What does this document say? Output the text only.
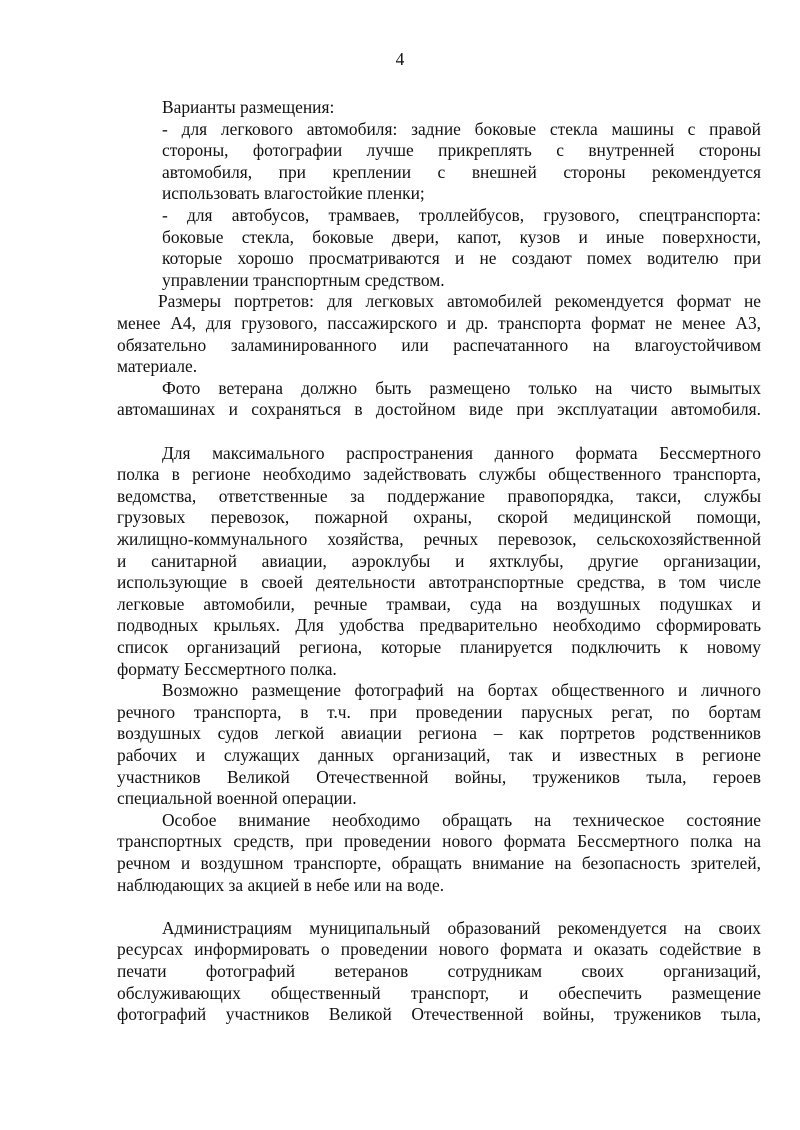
4
Варианты размещения:
- для легкового автомобиля: задние боковые стекла машины с правой
стороны, фотографии лучше прикреплять с внутренней стороны
автомобиля, при креплении с внешней стороны рекомендуется
использовать влагостойкие пленки;
- для автобусов, трамваев, троллейбусов, грузового, спецтранспорта:
боковые стекла, боковые двери, капот, кузов и иные поверхности,
которые хорошо просматриваются и не создают помех водителю при
управлении транспортным средством.
Размеры портретов: для легковых автомобилей рекомендуется формат не
менее А4, для грузового, пассажирского и др. транспорта формат не менее А3,
обязательно заламинированного или распечатанного на влагоустойчивом
материале.
Фото ветерана должно быть размещено только на чисто вымытых
автомашинах и сохраняться в достойном виде при эксплуатации автомобиля.
Для максимального распространения данного формата Бессмертного
полка в регионе необходимо задействовать службы общественного транспорта,
ведомства, ответственные за поддержание правопорядка, такси, службы
грузовых перевозок, пожарной охраны, скорой медицинской помощи,
жилищно-коммунального хозяйства, речных перевозок, сельскохозяйственной
и санитарной авиации, аэроклубы и яхтклубы, другие организации,
использующие в своей деятельности автотранспортные средства, в том числе
легковые автомобили, речные трамваи, суда на воздушных подушках и
подводных крыльях. Для удобства предварительно необходимо сформировать
список организаций региона, которые планируется подключить к новому
формату Бессмертного полка.
Возможно размещение фотографий на бортах общественного и личного
речного транспорта, в т.ч. при проведении парусных регат, по бортам
воздушных судов легкой авиации региона – как портретов родственников
рабочих и служащих данных организаций, так и известных в регионе
участников Великой Отечественной войны, тружеников тыла, героев
специальной военной операции.
Особое внимание необходимо обращать на техническое состояние
транспортных средств, при проведении нового формата Бессмертного полка на
речном и воздушном транспорте, обращать внимание на безопасность зрителей,
наблюдающих за акцией в небе или на воде.
Администрациям муниципальный образований рекомендуется на своих
ресурсах информировать о проведении нового формата и оказать содействие в
печати фотографий ветеранов сотрудникам своих организаций,
обслуживающих общественный транспорт, и обеспечить размещение
фотографий участников Великой Отечественной войны, тружеников тыла,
